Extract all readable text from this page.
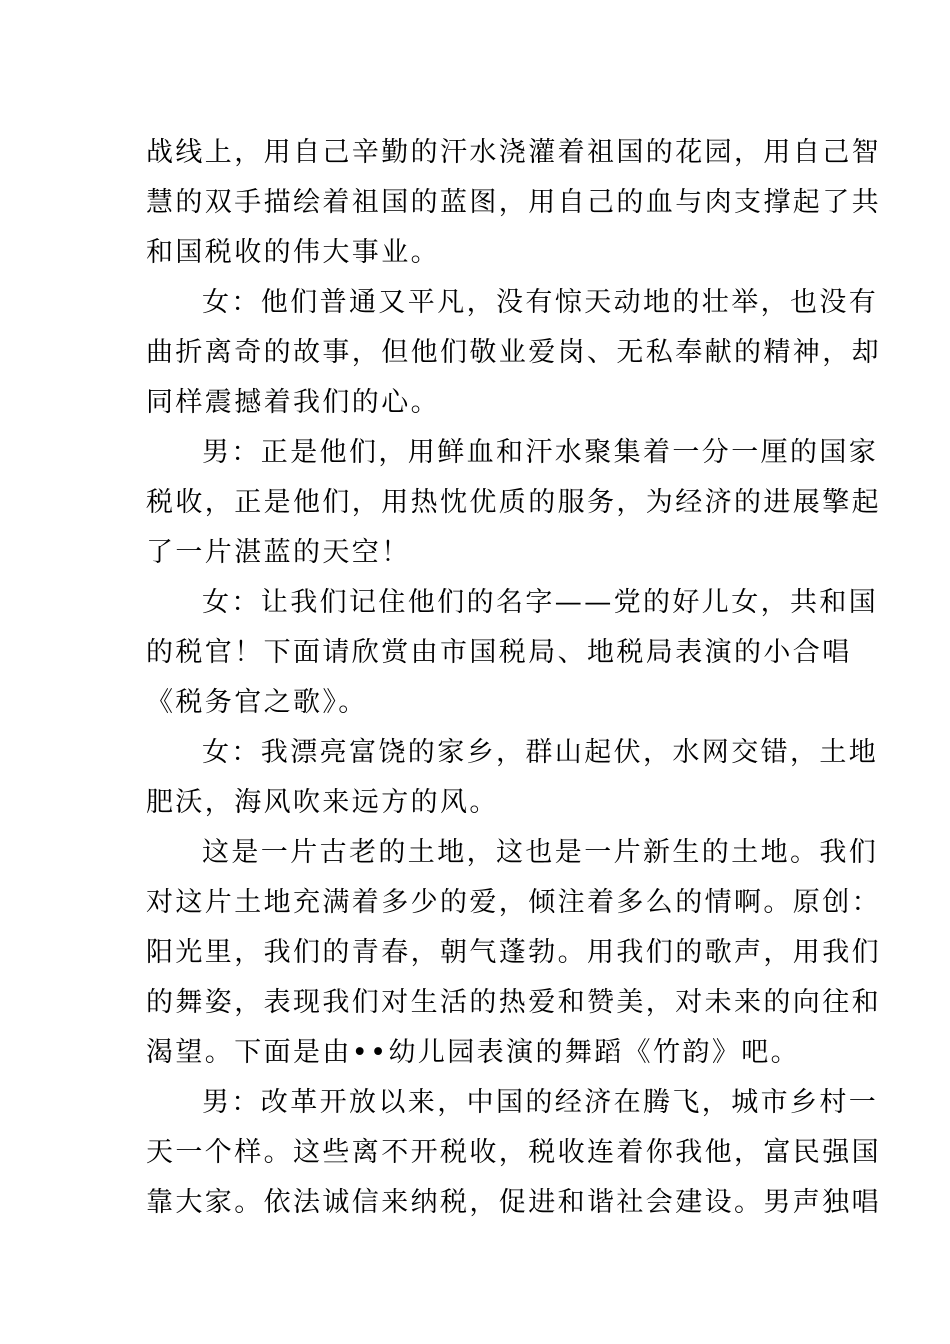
战线上，用自己辛勤的汗水浇灌着祖国的花园，用自己智
慧的双手描绘着祖国的蓝图，用自己的血与肉支撑起了共
和国税收的伟大事业。
女：他们普通又平凡，没有惊天动地的壮举，也没有
曲折离奇的故事，但他们敬业爱岗、无私奉献的精神，却
同样震撼着我们的心。
男：正是他们，用鲜血和汗水聚集着一分一厘的国家
税收，正是他们，用热忱优质的服务，为经济的进展擎起
了一片湛蓝的天空！
女：让我们记住他们的名字——党的好儿女，共和国
的税官！下面请欣赏由市国税局、地税局表演的小合唱
《税务官之歌》。
女：我漂亮富饶的家乡，群山起伏，水网交错，土地
肥沃，海风吹来远方的风。
这是一片古老的土地，这也是一片新生的土地。我们
对这片土地充满着多少的爱，倾注着多么的情啊。原创：
阳光里，我们的青春，朝气蓬勃。用我们的歌声，用我们
的舞姿，表现我们对生活的热爱和赞美，对未来的向往和
渴望。下面是由••幼儿园表演的舞蹈《竹韵》吧。
男：改革开放以来，中国的经济在腾飞，城市乡村一
天一个样。这些离不开税收，税收连着你我他，富民强国
靠大家。依法诚信来纳税，促进和谐社会建设。男声独唱
